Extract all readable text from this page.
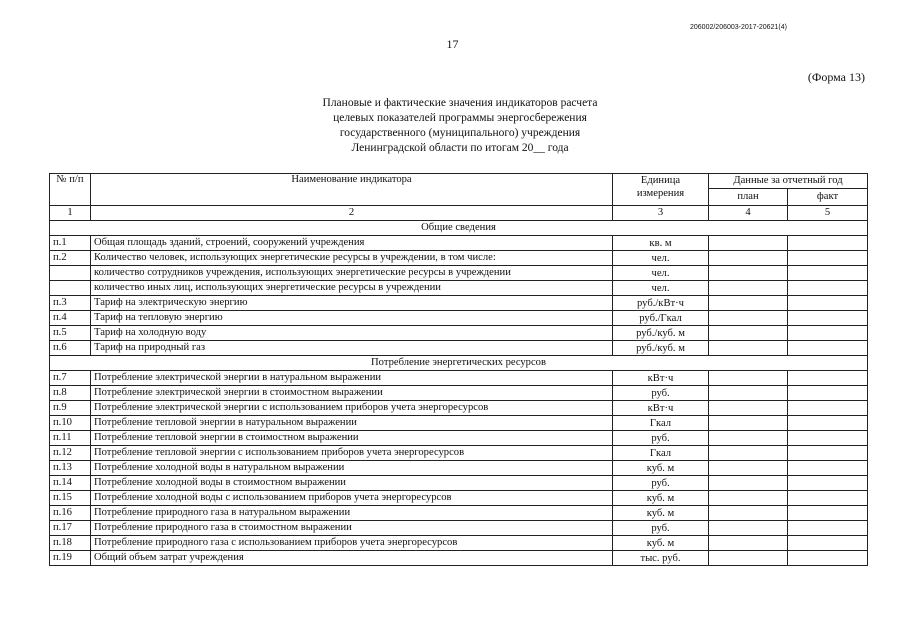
206002/206003-2017-20621(4)
17
(Форма 13)
Плановые и фактические значения индикаторов расчета
целевых показателей программы энергосбережения
государственного (муниципального) учреждения
Ленинградской области по итогам 20__ года
№ п/п	Наименование индикатора	Единица измерения	Данные за отчетный год	
			план	факт
1	2	3	4	5
Общие сведения				
п.1	Общая площадь зданий, строений, сооружений учреждения	кв. м		
п.2	Количество человек, использующих энергетические ресурсы в учреждении, в том числе:	чел.		
	количество сотрудников учреждения, использующих энергетические ресурсы в учреждении	чел.		
	количество иных лиц, использующих энергетические ресурсы в учреждении	чел.		
п.3	Тариф на электрическую энергию	руб./кВт·ч		
п.4	Тариф на тепловую энергию	руб./Гкал		
п.5	Тариф на холодную воду	руб./куб. м		
п.6	Тариф на природный газ	руб./куб. м		
Потребление энергетических ресурсов				
п.7	Потребление электрической энергии в натуральном выражении	кВт·ч		
п.8	Потребление электрической энергии в стоимостном выражении	руб.		
п.9	Потребление электрической энергии с использованием приборов учета энергоресурсов	кВт·ч		
п.10	Потребление тепловой энергии в натуральном выражении	Гкал		
п.11	Потребление тепловой энергии в стоимостном выражении	руб.		
п.12	Потребление тепловой энергии с использованием приборов учета энергоресурсов	Гкал		
п.13	Потребление холодной воды в натуральном выражении	куб. м		
п.14	Потребление холодной воды в стоимостном выражении	руб.		
п.15	Потребление холодной воды с использованием приборов учета энергоресурсов	куб. м		
п.16	Потребление природного газа в натуральном выражении	куб. м		
п.17	Потребление природного газа в стоимостном выражении	руб.		
п.18	Потребление природного газа с использованием приборов учета энергоресурсов	куб. м		
п.19	Общий объем затрат учреждения	тыс. руб.		
